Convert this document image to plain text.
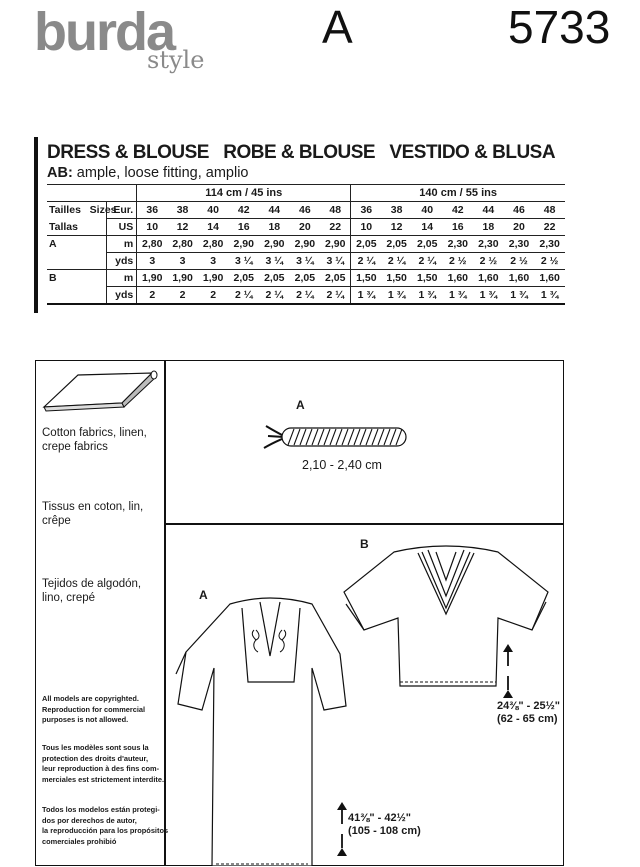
burda
style
A	5733
DRESS & BLOUSE   ROBE & BLOUSE   VESTIDO & BLUSA
AB: ample, loose fitting, amplio
		114 cm / 45 ins							140 cm / 55 ins						
Tailles   Sizes	Eur.	36	38	40	42	44	46	48	36	38	40	42	44	46	48
Tallas	US	10	12	14	16	18	20	22	10	12	14	16	18	20	22
A	m	2,80	2,80	2,80	2,90	2,90	2,90	2,90	2,05	2,05	2,05	2,30	2,30	2,30	2,30
	yds	3	3	3	3 ¼	3 ¼	3 ¼	3 ¼	2 ¼	2 ¼	2 ¼	2 ½	2 ½	2 ½	2 ½
B	m	1,90	1,90	1,90	2,05	2,05	2,05	2,05	1,50	1,50	1,50	1,60	1,60	1,60	1,60
	yds	2	2	2	2 ¼	2 ¼	2 ¼	2 ¼	1 ¾	1 ¾	1 ¾	1 ¾	1 ¾	1 ¾	1 ¾
Cotton fabrics, linen,
crepe fabrics
Tissus en coton, lin,
crêpe
Tejidos de algodón,
lino, crepé
All models are copyrighted.
Reproduction for commercial
purposes is not allowed.
Tous les modèles sont sous la
protection des droits d'auteur,
leur reproduction à des fins com-
merciales est strictement interdite.
Todos los modelos están protegi-
dos por derechos de autor,
la reproducción para los propósitos
comerciales prohibió
A
2,10 - 2,40 cm
B
24⅜" - 25½"
(62 - 65 cm)
A
41⅜" - 42½"
(105 - 108 cm)
